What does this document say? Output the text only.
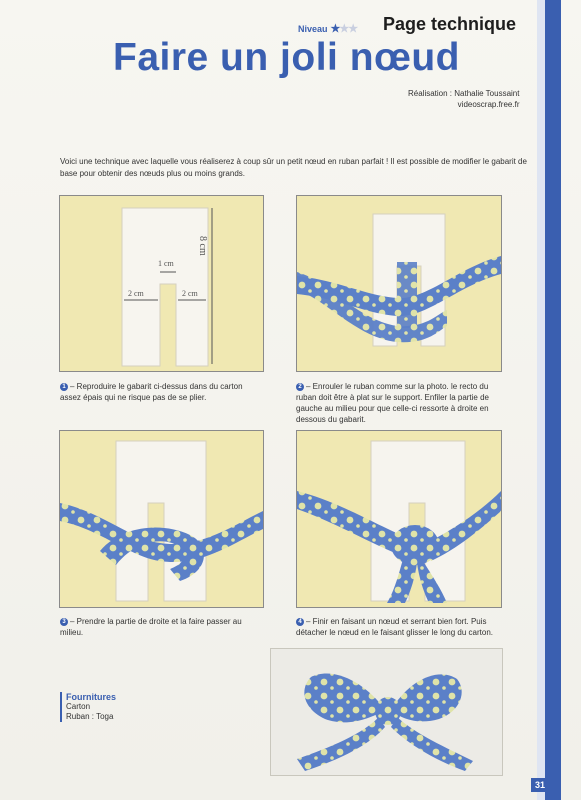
Niveau ★★★ Page technique
Faire un joli nœud
Réalisation : Nathalie Toussaint
videoscrap.free.fr
Voici une technique avec laquelle vous réaliserez à coup sûr un petit nœud en ruban parfait ! Il est possible de modifier le gabarit de base pour obtenir des nœuds plus ou moins grands.
8 cm
1 cm
2 cm	2 cm
1 – Reproduire le gabarit ci-dessus dans du carton assez épais qui ne risque pas de se plier.
2 – Enrouler le ruban comme sur la photo. le recto du ruban doit être à plat sur le support. Enfiler la partie de gauche au milieu pour que celle-ci ressorte à droite en dessous du gabarit.
3 – Prendre la partie de droite et la faire passer au milieu.
4 – Finir en faisant un nœud et serrant bien fort. Puis détacher le nœud en le faisant glisser le long du carton.
Fournitures
Carton
Ruban : Toga
31
